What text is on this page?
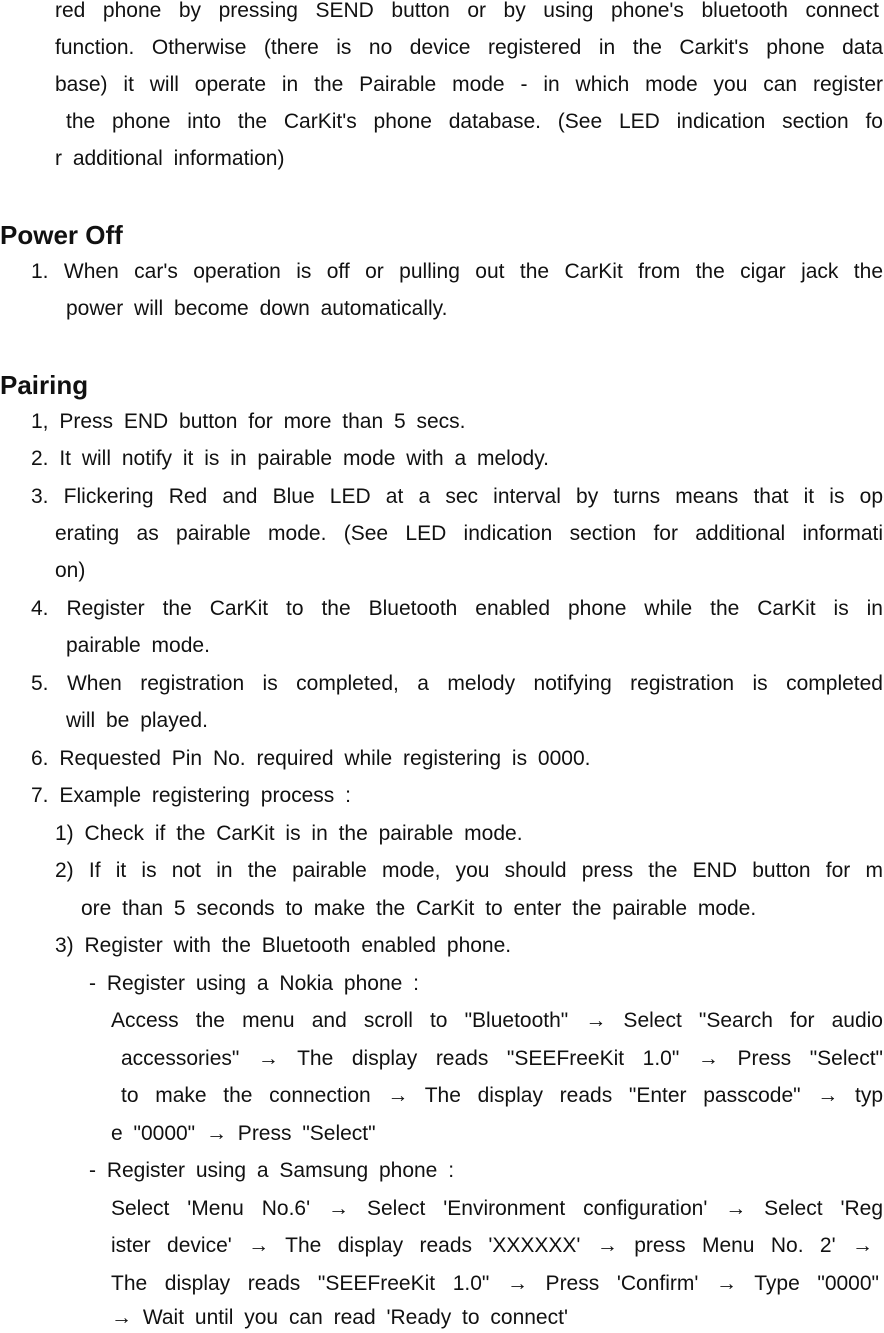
red phone by pressing SEND button or by using phone's bluetooth connect
function. Otherwise (there is no device registered in the Carkit's phone data
base) it will operate in the Pairable mode - in which mode you can register
the phone into the CarKit's phone database. (See LED indication section fo
r additional information)
Power Off
1. When car's operation is off or pulling out the CarKit from the cigar jack the
power will become down automatically.
Pairing
1, Press END button for more than 5 secs.
2. It will notify it is in pairable mode with a melody.
3. Flickering Red and Blue LED at a sec interval by turns means that it is op
erating as pairable mode. (See LED indication section for additional informati
on)
4. Register the CarKit to the Bluetooth enabled phone while the CarKit is in
pairable mode.
5. When registration is completed, a melody notifying registration is completed
will be played.
6. Requested Pin No. required while registering is 0000.
7. Example registering process :
1) Check if the CarKit is in the pairable mode.
2) If it is not in the pairable mode, you should press the END button for m
ore than 5 seconds to make the CarKit to enter the pairable mode.
3) Register with the Bluetooth enabled phone.
- Register using a Nokia phone :
Access the menu and scroll to "Bluetooth" → Select "Search for audio
accessories" → The display reads "SEEFreeKit 1.0" → Press "Select"
to make the connection → The display reads "Enter passcode" → typ
e "0000" → Press "Select"
- Register using a Samsung phone :
Select 'Menu No.6' → Select 'Environment configuration' → Select 'Reg
ister device' → The display reads 'XXXXXX' → press Menu No. 2' →
The display reads "SEEFreeKit 1.0" → Press 'Confirm' → Type "0000"
→ Wait until you can read 'Ready to connect'
